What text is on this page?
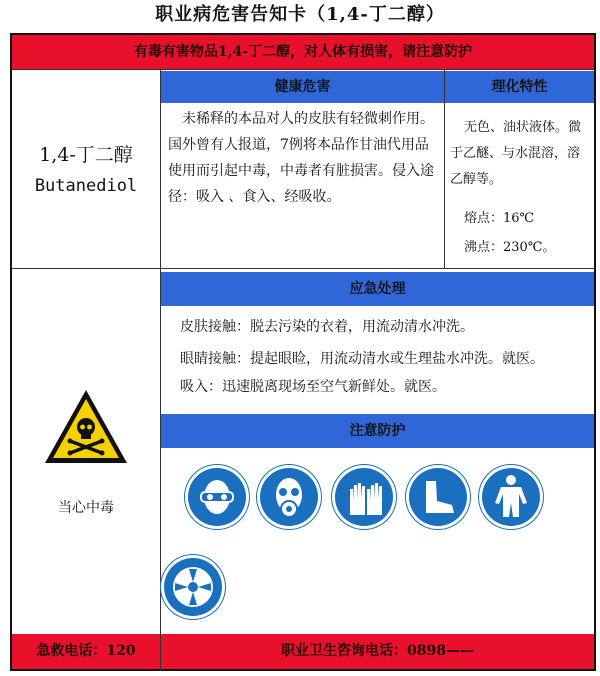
职业病危害告知卡（1,4-丁二醇）
有毒有害物品1,4-丁二醇，对人体有损害，请注意防护
1,4-丁二醇
Butanediol
健康危害
未稀释的本品对人的皮肤有轻微刺作用。国外曾有人报道，7例将本品作甘油代用品使用而引起中毒，中毒者有脏损害。侵入途径：吸入 、食入、经吸收。
理化特性
无色、油状液体。微于乙醚、与水混溶，溶乙醇等。
熔点：16℃
沸点：230℃。
应急处理
皮肤接触：脱去污染的衣着，用流动清水冲洗。
眼睛接触：提起眼睑，用流动清水或生理盐水冲洗。就医。
吸入：迅速脱离现场至空气新鲜处。就医。
注意防护
当心中毒
急救电话：120	职业卫生咨询电话：0898——
